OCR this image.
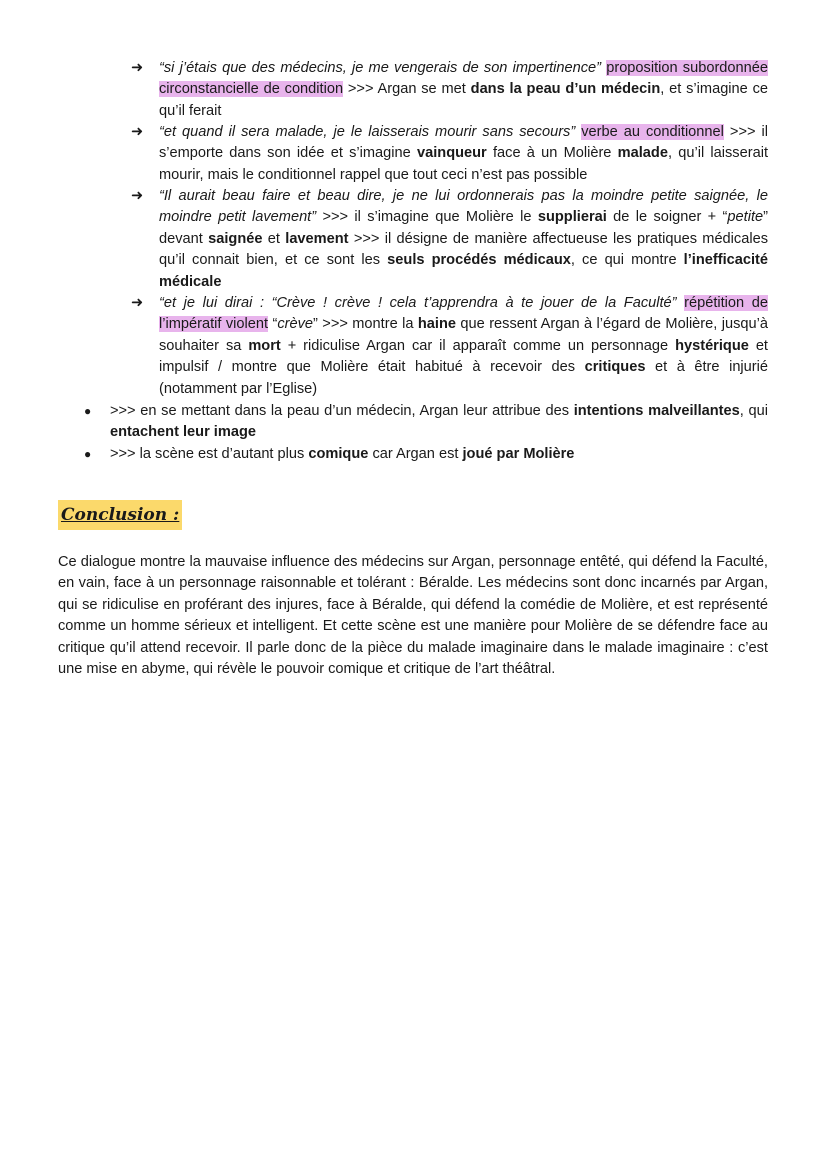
➜	“si j’étais que des médecins, je me vengerais de son impertinence” proposition subordonnée circonstancielle de condition >>> Argan se met dans la peau d’un médecin, et s’imagine ce qu’il ferait
➜	“et quand il sera malade, je le laisserais mourir sans secours” verbe au conditionnel >>> il s’emporte dans son idée et s’imagine vainqueur face à un Molière malade, qu’il laisserait mourir, mais le conditionnel rappel que tout ceci n’est pas possible
➜	“Il aurait beau faire et beau dire, je ne lui ordonnerais pas la moindre petite saignée, le moindre petit lavement” >>> il s’imagine que Molière le supplierai de le soigner + “petite” devant saignée et lavement >>> il désigne de manière affectueuse les pratiques médicales qu’il connait bien, et ce sont les seuls procédés médicaux, ce qui montre l’inefficacité médicale
➜	“et je lui dirai : “Crève ! crève ! cela t’apprendra à te jouer de la Faculté” répétition de l’impératif violent “crève” >>> montre la haine que ressent Argan à l’égard de Molière, jusqu’à souhaiter sa mort + ridiculise Argan car il apparaît comme un personnage hystérique et impulsif / montre que Molière était habitué à recevoir des critiques et à être injurié (notamment par l’Eglise)
●	>>> en se mettant dans la peau d’un médecin, Argan leur attribue des intentions malveillantes, qui entachent leur image
●	>>> la scène est d’autant plus comique car Argan est joué par Molière
Conclusion :
Ce dialogue montre la mauvaise influence des médecins sur Argan, personnage entêté, qui défend la Faculté, en vain, face à un personnage raisonnable et tolérant : Béralde. Les médecins sont donc incarnés par Argan, qui se ridiculise en proférant des injures, face à Béralde, qui défend la comédie de Molière, et est représenté comme un homme sérieux et intelligent. Et cette scène est une manière pour Molière de se défendre face au critique qu’il attend recevoir. Il parle donc de la pièce du malade imaginaire dans le malade imaginaire : c’est une mise en abyme, qui révèle le pouvoir comique et critique de l’art théâtral.
